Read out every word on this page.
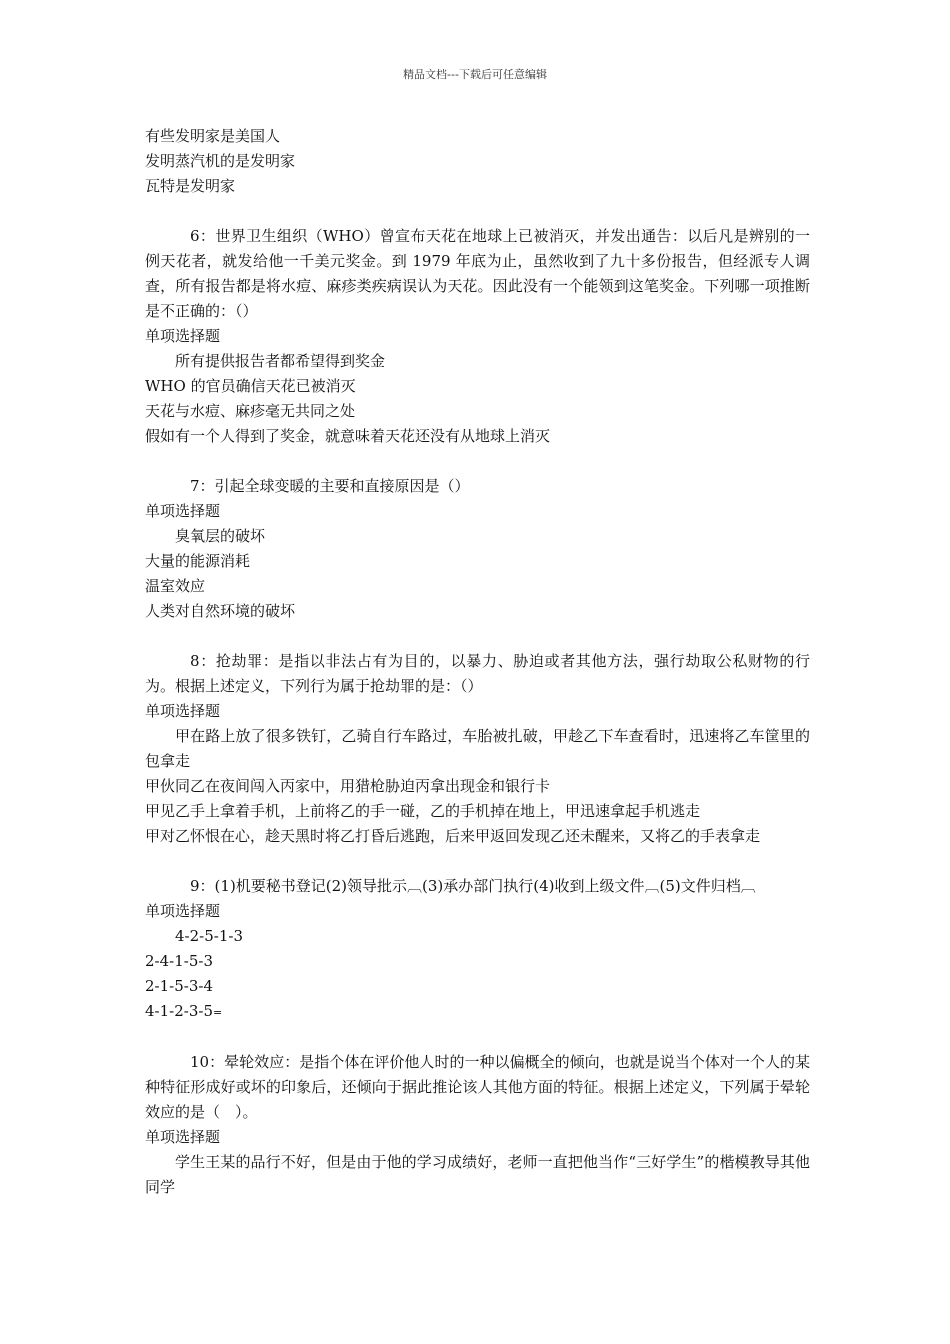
精品文档---下载后可任意编辑
有些发明家是美国人
发明蒸汽机的是发明家
瓦特是发明家
6：世界卫生组织（WHO）曾宣布天花在地球上已被消灭，并发出通告：以后凡是辨别的一例天花者，就发给他一千美元奖金。到 1979 年底为止，虽然收到了九十多份报告，但经派专人调查，所有报告都是将水痘、麻疹类疾病误认为天花。因此没有一个能领到这笔奖金。下列哪一项推断是不正确的：（）
单项选择题
所有提供报告者都希望得到奖金
WHO 的官员确信天花已被消灭
天花与水痘、麻疹毫无共同之处
假如有一个人得到了奖金，就意味着天花还没有从地球上消灭
7：引起全球变暖的主要和直接原因是（）
单项选择题
臭氧层的破坏
大量的能源消耗
温室效应
人类对自然环境的破坏
8：抢劫罪：是指以非法占有为目的，以暴力、胁迫或者其他方法，强行劫取公私财物的行为。根据上述定义，下列行为属于抢劫罪的是：（）
单项选择题
甲在路上放了很多铁钉，乙骑自行车路过，车胎被扎破，甲趁乙下车查看时，迅速将乙车筐里的包拿走
甲伙同乙在夜间闯入丙家中，用猎枪胁迫丙拿出现金和银行卡
甲见乙手上拿着手机，上前将乙的手一碰，乙的手机掉在地上，甲迅速拿起手机逃走
甲对乙怀恨在心，趁天黑时将乙打昏后逃跑，后来甲返回发现乙还未醒来，又将乙的手表拿走
9：(1)机要秘书登记(2)领导批示︹(3)承办部门执行(4)收到上级文件︹(5)文件归档︹
单项选择题
4-2-5-1-3
2-4-1-5-3
2-1-5-3-4
4-1-2-3-5=
10：晕轮效应：是指个体在评价他人时的一种以偏概全的倾向，也就是说当个体对一个人的某种特征形成好或坏的印象后，还倾向于据此推论该人其他方面的特征。根据上述定义，下列属于晕轮效应的是（　）。
单项选择题
学生王某的品行不好，但是由于他的学习成绩好，老师一直把他当作“三好学生”的楷模教导其他同学
